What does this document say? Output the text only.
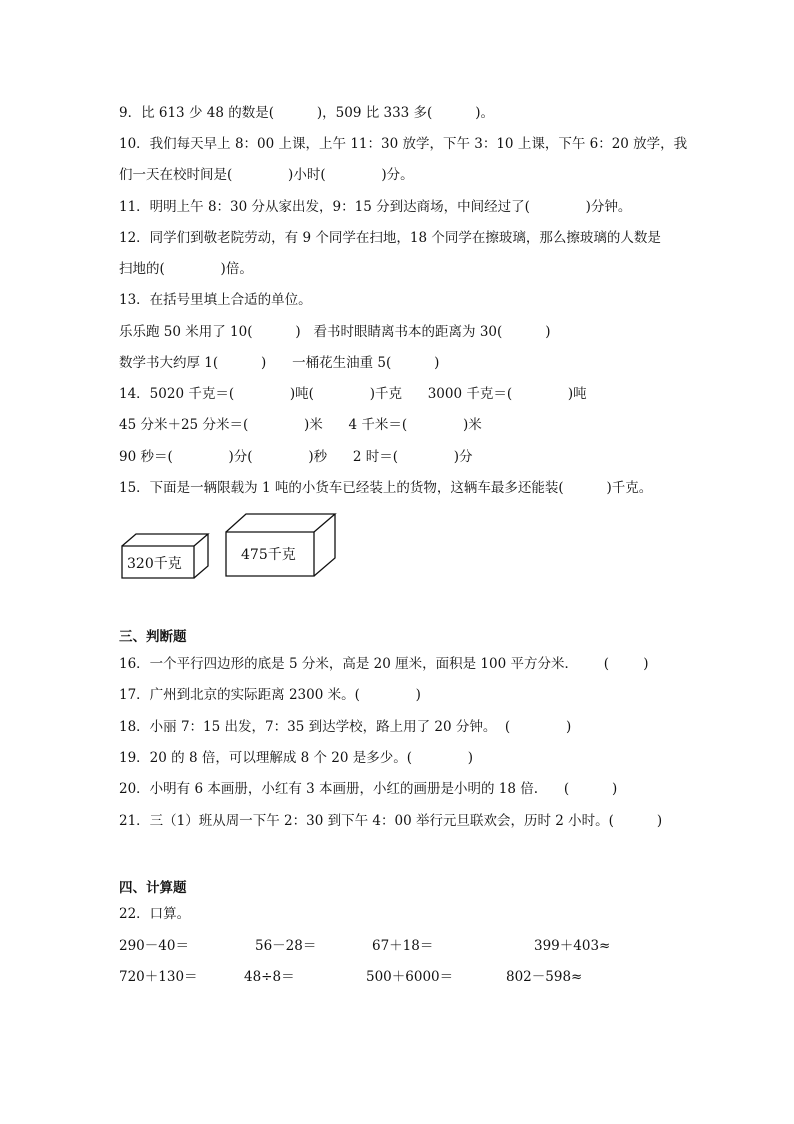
9．比 613 少 48 的数是(          )，509 比 333 多(          )。
10．我们每天早上 8：00 上课，上午 11：30 放学，下午 3：10 上课，下午 6：20 放学，我
们一天在校时间是(             )小时(             )分。
11．明明上午 8：30 分从家出发，9：15 分到达商场，中间经过了(             )分钟。
12．同学们到敬老院劳动，有 9 个同学在扫地，18 个同学在擦玻璃，那么擦玻璃的人数是
扫地的(             )倍。
13．在括号里填上合适的单位。
乐乐跑 50 米用了 10(          )   看书时眼睛离书本的距离为 30(          )
数学书大约厚 1(          )      一桶花生油重 5(          )
14．5020 千克＝(             )吨(             )千克      3000 千克＝(             )吨
45 分米＋25 分米＝(             )米      4 千米＝(             )米
90 秒＝(             )分(             )秒      2 时＝(             )分
15．下面是一辆限载为 1 吨的小货车已经装上的货物，这辆车最多还能装(          )千克。
320千克
475千克
三、判断题
16．一个平行四边形的底是 5 分米，高是 20 厘米，面积是 100 平方分米．      (        )
17．广州到北京的实际距离 2300 米。(             )
18．小丽 7：15 出发，7：35 到达学校，路上用了 20 分钟。  (             )
19．20 的 8 倍，可以理解成 8 个 20 是多少。(             )
20．小明有 6 本画册，小红有 3 本画册，小红的画册是小明的 18 倍.      (          )
21．三（1）班从周一下午 2：30 到下午 4：00 举行元旦联欢会，历时 2 小时。(          )
四、计算题
22．口算。
290－40＝	56－28＝	67＋18＝	399＋403≈
720＋130＝	48÷8＝	500＋6000＝	802－598≈
